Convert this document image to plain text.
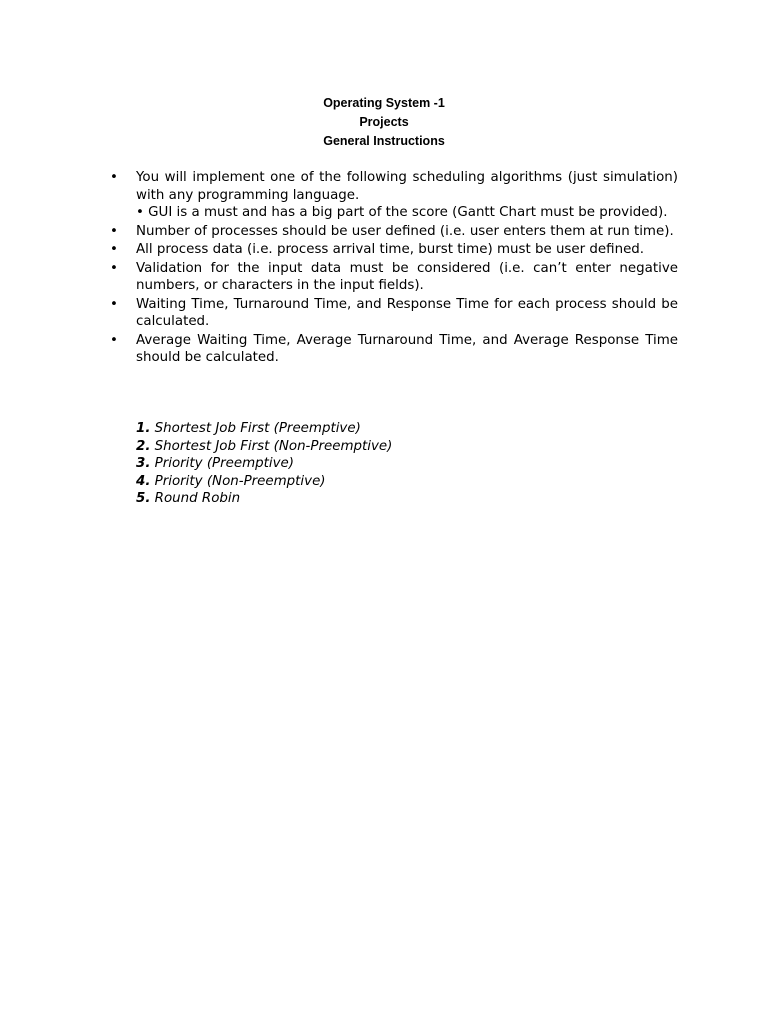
Operating System -1
Projects
General Instructions
• You will implement one of the following scheduling algorithms (just simulation) with any programming language.
• GUI is a must and has a big part of the score (Gantt Chart must be provided).
• Number of processes should be user defined (i.e. user enters them at run time).
• All process data (i.e. process arrival time, burst time) must be user defined.
• Validation for the input data must be considered (i.e. can’t enter negative numbers, or characters in the input fields).
• Waiting Time, Turnaround Time, and Response Time for each process should be calculated.
• Average Waiting Time, Average Turnaround Time, and Average Response Time should be calculated.
1. Shortest Job First (Preemptive)
2. Shortest Job First (Non-Preemptive)
3. Priority (Preemptive)
4. Priority (Non-Preemptive)
5. Round Robin
